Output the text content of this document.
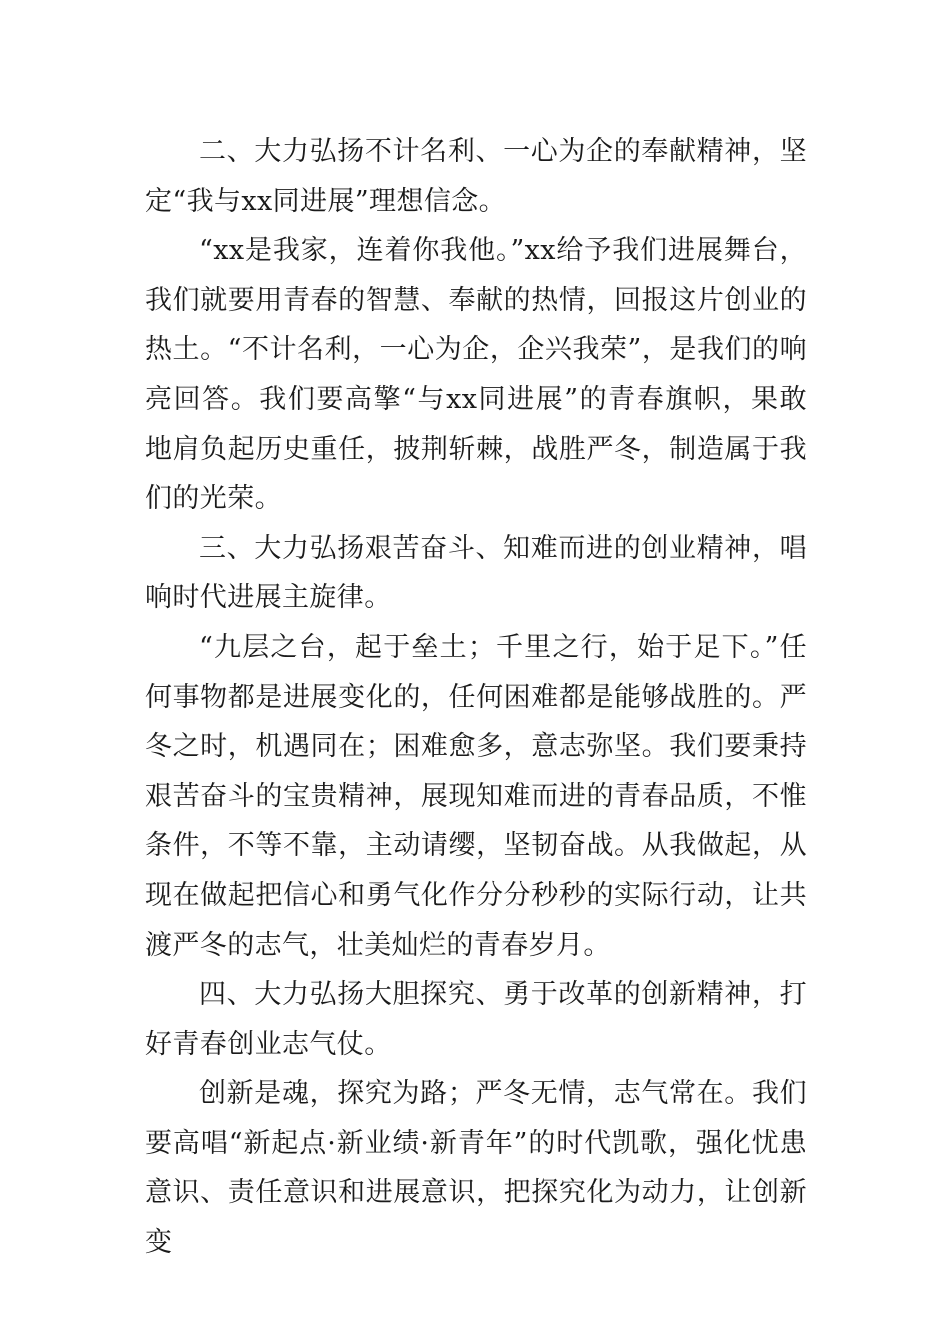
二、大力弘扬不计名利、一心为企的奉献精神，坚定“我与xx同进展”理想信念。

“xx是我家，连着你我他。”xx给予我们进展舞台，我们就要用青春的智慧、奉献的热情，回报这片创业的热土。“不计名利，一心为企，企兴我荣”，是我们的响亮回答。我们要高擎“与xx同进展”的青春旗帜，果敢地肩负起历史重任，披荆斩棘，战胜严冬，制造属于我们的光荣。

三、大力弘扬艰苦奋斗、知难而进的创业精神，唱响时代进展主旋律。

“九层之台，起于垒土；千里之行，始于足下。”任何事物都是进展变化的，任何困难都是能够战胜的。严冬之时，机遇同在；困难愈多，意志弥坚。我们要秉持艰苦奋斗的宝贵精神，展现知难而进的青春品质，不惟条件，不等不靠，主动请缨，坚韧奋战。从我做起，从现在做起把信心和勇气化作分分秒秒的实际行动，让共渡严冬的志气，壮美灿烂的青春岁月。

四、大力弘扬大胆探究、勇于改革的创新精神，打好青春创业志气仗。

创新是魂，探究为路；严冬无情，志气常在。我们要高唱“新起点·新业绩·新青年”的时代凯歌，强化忧患意识、责任意识和进展意识，把探究化为动力，让创新变
